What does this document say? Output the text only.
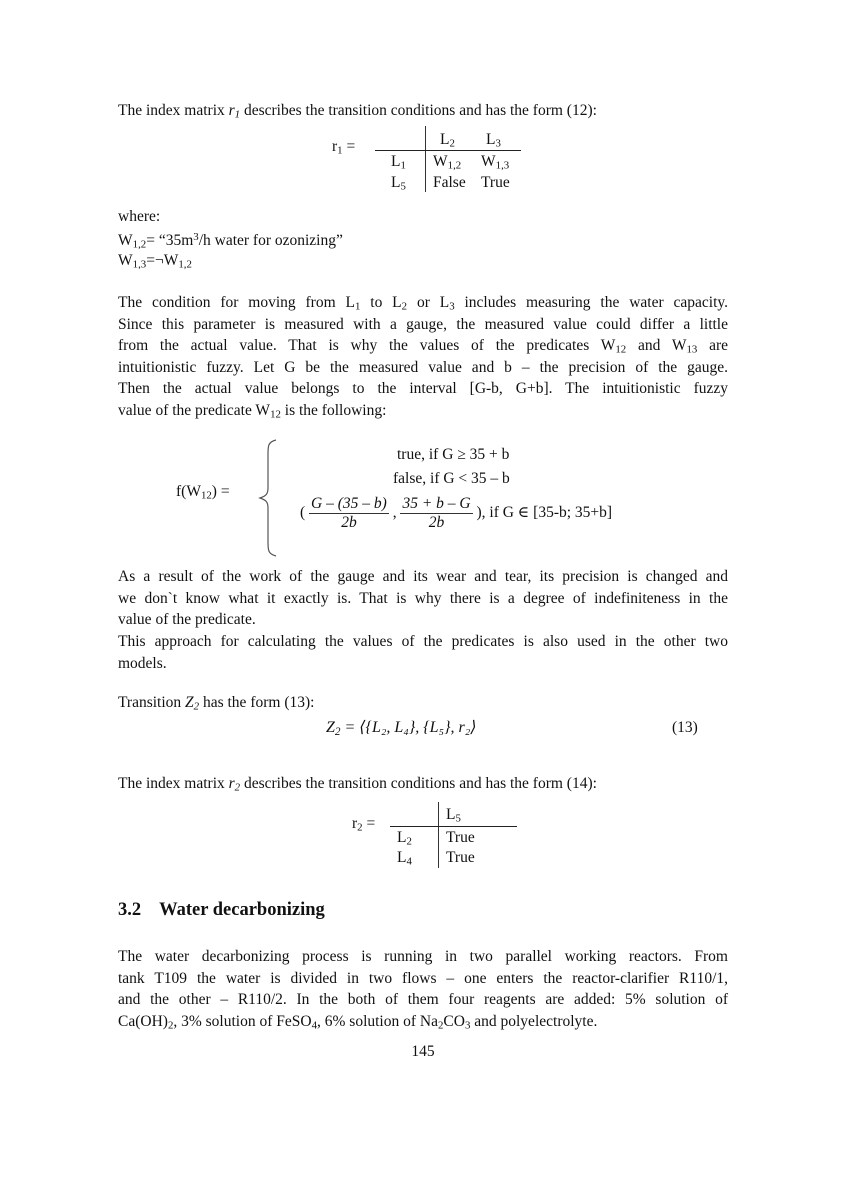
The index matrix $r_1$ describes the transition conditions and has the form (12):
$r_1$ =	$L_2$ $L_3$
$L_1$ $W_{1,2}$ $W_{1,3}$
$L_5$ False True
where:
$W_{1,2}=$ “$35m^3/h$ water for ozonizing”
$W_{1,3}=\neg W_{1,2}$
The condition for moving from $L_1$ to $L_2$ or $L_3$ includes measuring the water capacity.
Since this parameter is measured with a gauge, the measured value could differ a little
from the actual value. That is why the values of the predicates $W_{12}$ and $W_{13}$ are
intuitionistic fuzzy. Let G be the measured value and b – the precision of the gauge.
Then the actual value belongs to the interval [G-b, G+b]. The intuitionistic fuzzy
value of the predicate $W_{12}$ is the following:
$f(W_{12})$ =
true, if G ≥ 35 + b
false, if G < 35 – b
( $\frac{G - (35 - b)}{2b}$ , $\frac{35 + b - G}{2b}$ ), if G ∈ [35-b; 35+b]
As a result of the work of the gauge and its wear and tear, its precision is changed and
we don`t know what it exactly is. That is why there is a degree of indefiniteness in the
value of the predicate.
This approach for calculating the values of the predicates is also used in the other two
models.
Transition $Z_2$ has the form (13):
$Z_2$ = ⟨{L₂, L₄}, {L₅}, r₂⟩	(13)
The index matrix $r_2$ describes the transition conditions and has the form (14):
$r_2$ =
$L_5$
$L_2$ True
$L_4$ True
3.2 Water decarbonizing
The water decarbonizing process is running in two parallel working reactors. From
tank T109 the water is divided in two flows – one enters the reactor-clarifier R110/1,
and the other – R110/2. In the both of them four reagents are added: 5% solution of
$Ca(OH)_2$, 3% solution of FeSO$_4$, 6% solution of $Na_2CO_3$ and polyelectrolyte.
145
